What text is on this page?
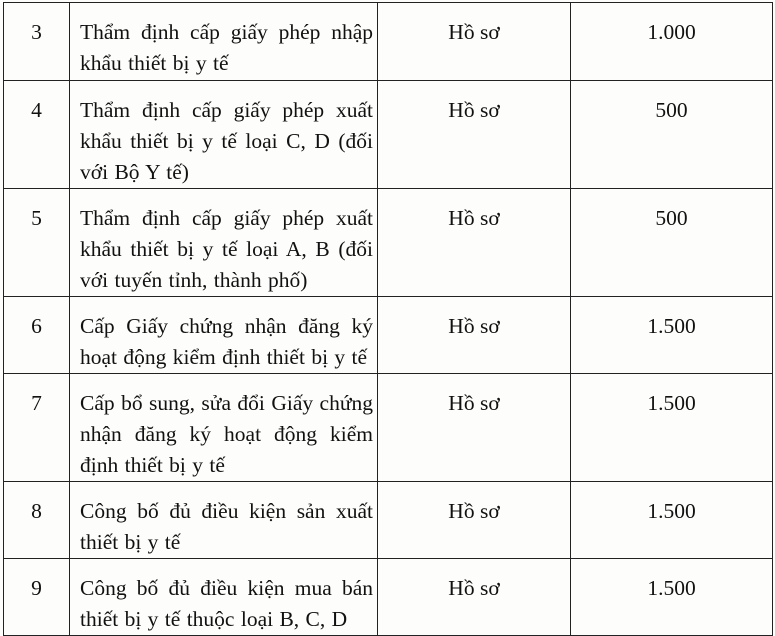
3	Thẩm định cấp giấy phép nhập khẩu thiết bị y tế	Hồ sơ	1.000
4	Thẩm định cấp giấy phép xuất khẩu thiết bị y tế loại C, D (đối với Bộ Y tế)	Hồ sơ	500
5	Thẩm định cấp giấy phép xuất khẩu thiết bị y tế loại A, B (đối với tuyến tỉnh, thành phố)	Hồ sơ	500
6	Cấp Giấy chứng nhận đăng ký hoạt động kiểm định thiết bị y tế	Hồ sơ	1.500
7	Cấp bổ sung, sửa đổi Giấy chứng nhận đăng ký hoạt động kiểm định thiết bị y tế	Hồ sơ	1.500
8	Công bố đủ điều kiện sản xuất thiết bị y tế	Hồ sơ	1.500
9	Công bố đủ điều kiện mua bán thiết bị y tế thuộc loại B, C, D	Hồ sơ	1.500
